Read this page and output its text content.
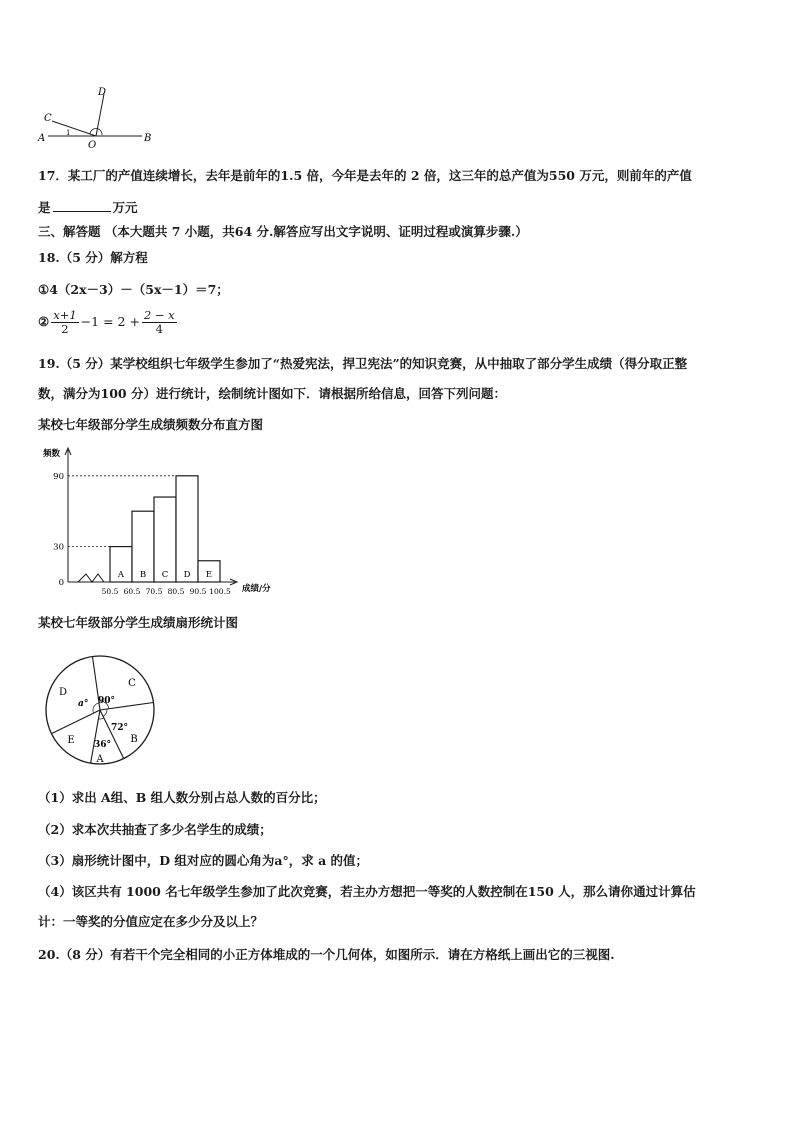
A	B
C
D
O
1
17．某工厂的产值连续增长，去年是前年的1.5 倍，今年是去年的 2 倍，这三年的总产值为550 万元，则前年的产值
是	万元
三、解答题 （本大题共 7 小题，共64 分.解答应写出文字说明、证明过程或演算步骤.）
18.（5 分）解方程
①4（2x－3）－（5x－1）＝7；
② $\frac{x+1}{2} -1 = 2 + \frac{2 - x}{4}$
19.（5 分）某学校组织七年级学生参加了“热爱宪法，捍卫宪法”的知识竞赛，从中抽取了部分学生成绩（得分取正整
数，满分为100 分）进行统计，绘制统计图如下．请根据所给信息，回答下列问题：
某校七年级部分学生成绩频数分布直方图
频数
成绩/分
0
30
90
A B C D E
50.5 60.5 70.5 80.5 90.5 100.5
某校七年级部分学生成绩扇形统计图
A
36° B
72°
C
90°
D
a°
E
（1）求出 A组、B 组人数分别占总人数的百分比；
（2）求本次共抽查了多少名学生的成绩；
（3）扇形统计图中，D 组对应的圆心角为a°，求 a 的值；
（4）该区共有 1000 名七年级学生参加了此次竞赛，若主办方想把一等奖的人数控制在150 人，那么请你通过计算估
计：一等奖的分值应定在多少分及以上？
20.（8 分）有若干个完全相同的小正方体堆成的一个几何体，如图所示．请在方格纸上画出它的三视图.
